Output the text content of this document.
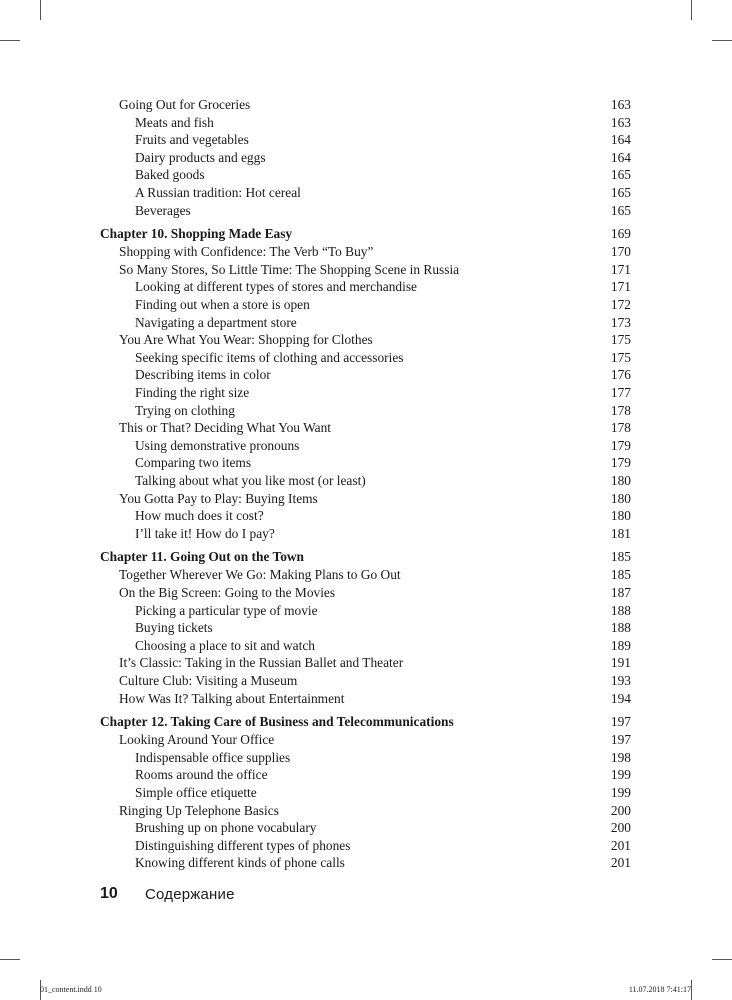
Going Out for Groceries	163
Meats and fish	163
Fruits and vegetables	164
Dairy products and eggs	164
Baked goods	165
A Russian tradition: Hot cereal	165
Beverages	165
Chapter 10. Shopping Made Easy	169
Shopping with Confidence: The Verb “To Buy”	170
So Many Stores, So Little Time: The Shopping Scene in Russia	171
Looking at different types of stores and merchandise	171
Finding out when a store is open	172
Navigating a department store	173
You Are What You Wear: Shopping for Clothes	175
Seeking specific items of clothing and accessories	175
Describing items in color	176
Finding the right size	177
Trying on clothing	178
This or That? Deciding What You Want	178
Using demonstrative pronouns	179
Comparing two items	179
Talking about what you like most (or least)	180
You Gotta Pay to Play: Buying Items	180
How much does it cost?	180
I’ll take it! How do I pay?	181
Chapter 11. Going Out on the Town	185
Together Wherever We Go: Making Plans to Go Out	185
On the Big Screen: Going to the Movies	187
Picking a particular type of movie	188
Buying tickets	188
Choosing a place to sit and watch	189
It’s Classic: Taking in the Russian Ballet and Theater	191
Culture Club: Visiting a Museum	193
How Was It? Talking about Entertainment	194
Chapter 12. Taking Care of Business and Telecommunications	197
Looking Around Your Office	197
Indispensable office supplies	198
Rooms around the office	199
Simple office etiquette	199
Ringing Up Telephone Basics	200
Brushing up on phone vocabulary	200
Distinguishing different types of phones	201
Knowing different kinds of phone calls	201
10 Содержание
01_content.indd 10	11.07.2018 7:41:17
